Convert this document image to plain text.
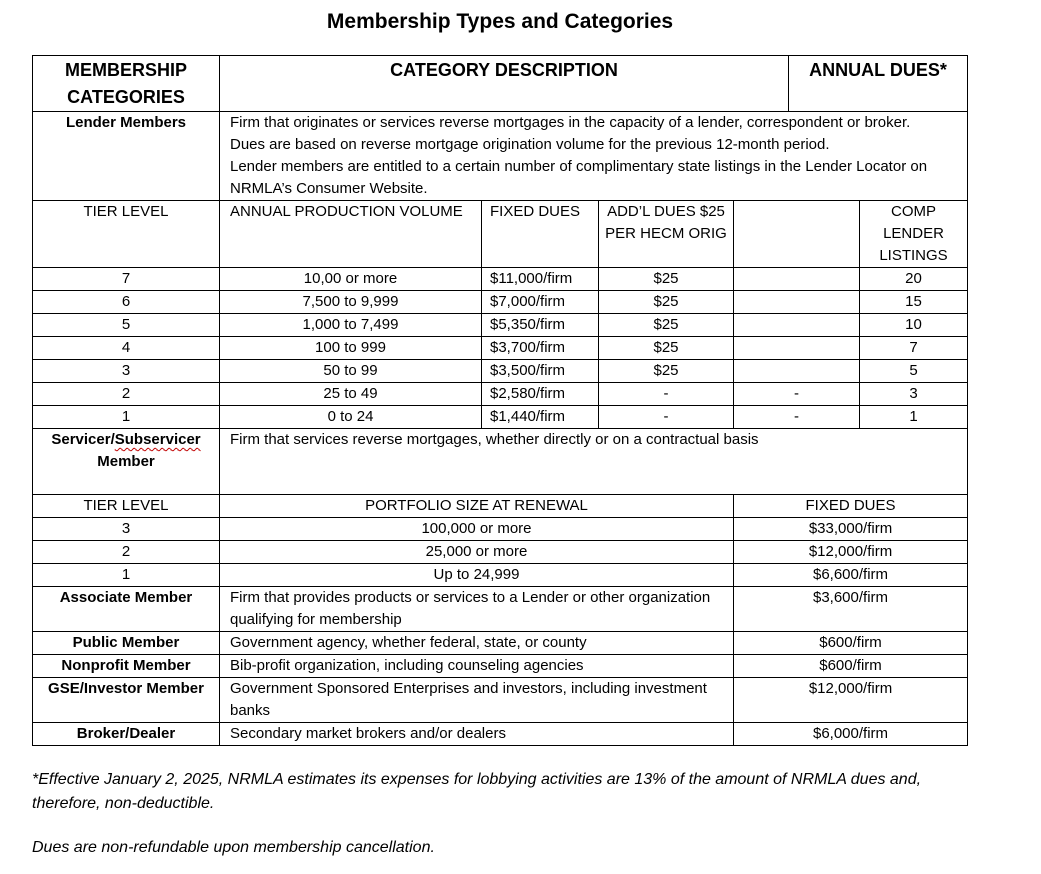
Membership Types and Categories
MEMBERSHIP CATEGORIES	CATEGORY DESCRIPTION				ANNUAL DUES*	
Lender Members	Firm that originates or services reverse mortgages in the capacity of a lender, correspondent or broker.
Dues are based on reverse mortgage origination volume for the previous 12-month period.
Lender members are entitled to a certain number of complimentary state listings in the Lender Locator on NRMLA’s Consumer Website.					

TIER LEVEL	ANNUAL PRODUCTION VOLUME	FIXED DUES	ADD’L DUES $25 PER HECM ORIG			COMP LENDER LISTINGS
7	10,00 or more	$11,000/firm	$25			20
6	7,500 to 9,999	$7,000/firm	$25			15
5	1,000 to 7,499	$5,350/firm	$25			10
4	100 to 999	$3,700/firm	$25			7
3	50 to 99	$3,500/firm	$25			5
2	25 to 49	$2,580/firm	-	-		3
1	0 to 24	$1,440/firm	-	-		1
Servicer/Subservicer
Member	Firm that services reverse mortgages, whether directly or on a contractual basis					
TIER LEVEL	PORTFOLIO SIZE AT RENEWAL			FIXED DUES		
3	100,000 or more			$33,000/firm		
2	25,000 or more			$12,000/firm		
1	Up to 24,999			$6,600/firm		
Associate Member	Firm that provides products or services to a Lender or other organization qualifying for membership			$3,600/firm		
Public Member	Government agency, whether federal, state, or county			$600/firm		
Nonprofit Member	Bib-profit organization, including counseling agencies			$600/firm		
GSE/Investor Member	Government Sponsored Enterprises and investors, including investment banks			$12,000/firm		
Broker/Dealer	Secondary market brokers and/or dealers			$6,000/firm		
*Effective January 2, 2025, NRMLA estimates its expenses for lobbying activities are 13% of the amount of NRMLA dues and, therefore, non-deductible.
Dues are non-refundable upon membership cancellation.
